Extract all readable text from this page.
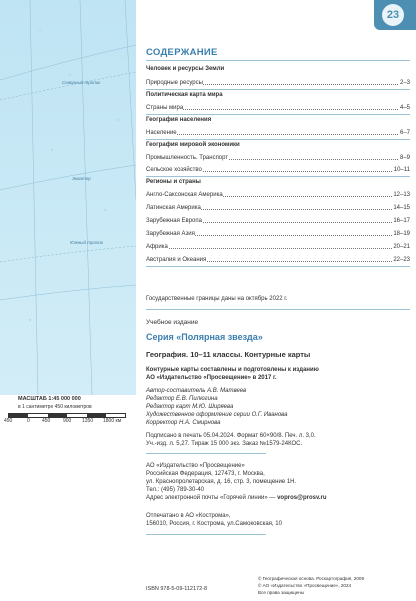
Северный тропик
Экватор
Южный тропик
МАСШТАБ 1:45 000 000
в 1 сантиметре 450 километров
450	0 450	900 1350 1800 км
23
СОДЕРЖАНИЕ
Человек и ресурсы Земли
Природные ресурсы	2–3
Политическая карта мира
Страны мира	4–5
География населения
Население	6–7
География мировой экономики
Промышленность. Транспорт	8–9
Сельское хозяйство	10–11
Регионы и страны
Англо-Саксонская Америка	12–13
Латинская Америка	14–15
Зарубежная Европа	16–17
Зарубежная Азия	18–19
Африка	20–21
Австралия и Океания	22–23
Государственные границы даны на октябрь 2022 г.
Учебное издание
Серия «Полярная звезда»
География. 10–11 классы. Контурные карты
Контурные карты составлены и подготовлены к изданию
АО «Издательство «Просвещение» в 2017 г.
Автор-составитель А.В. Матвеев
Редактор Е.В. Пилюгина
Редактор карт М.Ю. Ширяева
Художественное оформление серии О.Г. Иванова
Корректор Н.А. Смирнова
Подписано в печать 05.04.2024. Формат 60×90/8. Печ. л. 3,0.
Уч.-изд. л. 5,27. Тираж 15 000 экз. Заказ №1579-24КОС.
АО «Издательство «Просвещение»
Российская Федерация, 127473, г. Москва,
ул. Краснопролетарская, д. 16, стр. 3, помещение 1Н.
Тел.: (495) 789-30-40
Адрес электронной почты «Горячей линии» — vopros@prosv.ru
Отпечатано в АО «Кострома»,
156010, Россия, г. Кострома, ул.Самоковская, 10
ISBN 978-5-09-112172-8
© Географическая основа. Роскартография, 2009
© АО «Издательство «Просвещение», 2024
Все права защищены
